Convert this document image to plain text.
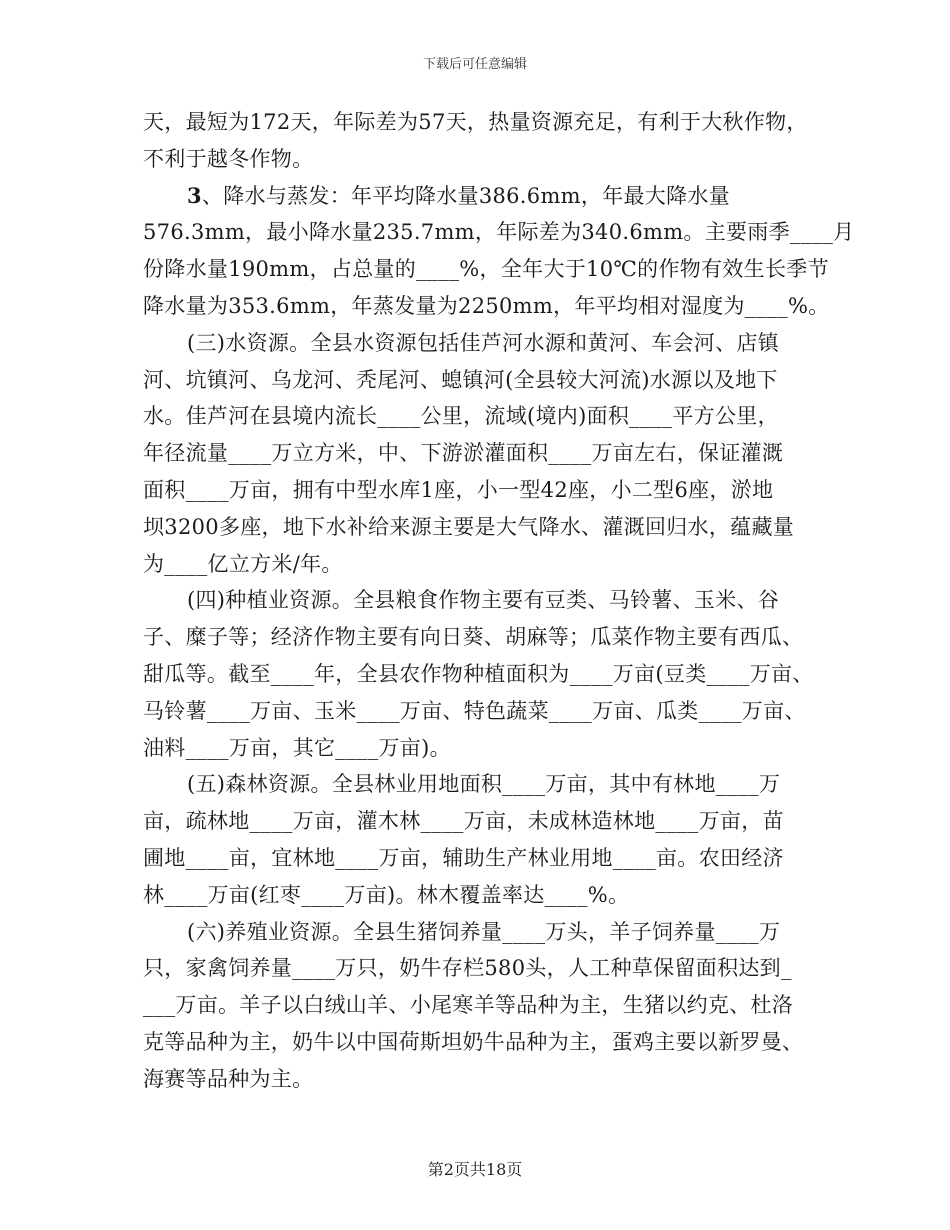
下载后可任意编辑
天，最短为172天，年际差为57天，热量资源充足，有利于大秋作物，
不利于越冬作物。
3、降水与蒸发：年平均降水量386.6mm，年最大降水量
576.3mm，最小降水量235.7mm，年际差为340.6mm。主要雨季____月
份降水量190mm，占总量的____%，全年大于10℃的作物有效生长季节
降水量为353.6mm，年蒸发量为2250mm，年平均相对湿度为____%。
(三)水资源。全县水资源包括佳芦河水源和黄河、车会河、店镇
河、坑镇河、乌龙河、秃尾河、螅镇河(全县较大河流)水源以及地下
水。佳芦河在县境内流长____公里，流域(境内)面积____平方公里，
年径流量____万立方米，中、下游淤灌面积____万亩左右，保证灌溉
面积____万亩，拥有中型水库1座，小一型42座，小二型6座，淤地
坝3200多座，地下水补给来源主要是大气降水、灌溉回归水，蕴藏量
为____亿立方米/年。
(四)种植业资源。全县粮食作物主要有豆类、马铃薯、玉米、谷
子、糜子等；经济作物主要有向日葵、胡麻等；瓜菜作物主要有西瓜、
甜瓜等。截至____年，全县农作物种植面积为____万亩(豆类____万亩、
马铃薯____万亩、玉米____万亩、特色蔬菜____万亩、瓜类____万亩、
油料____万亩，其它____万亩)。
(五)森林资源。全县林业用地面积____万亩，其中有林地____万
亩，疏林地____万亩，灌木林____万亩，未成林造林地____万亩，苗
圃地____亩，宜林地____万亩，辅助生产林业用地____亩。农田经济
林____万亩(红枣____万亩)。林木覆盖率达____%。
(六)养殖业资源。全县生猪饲养量____万头，羊子饲养量____万
只，家禽饲养量____万只，奶牛存栏580头，人工种草保留面积达到_
___万亩。羊子以白绒山羊、小尾寒羊等品种为主，生猪以约克、杜洛
克等品种为主，奶牛以中国荷斯坦奶牛品种为主，蛋鸡主要以新罗曼、
海赛等品种为主。
第2页共18页
